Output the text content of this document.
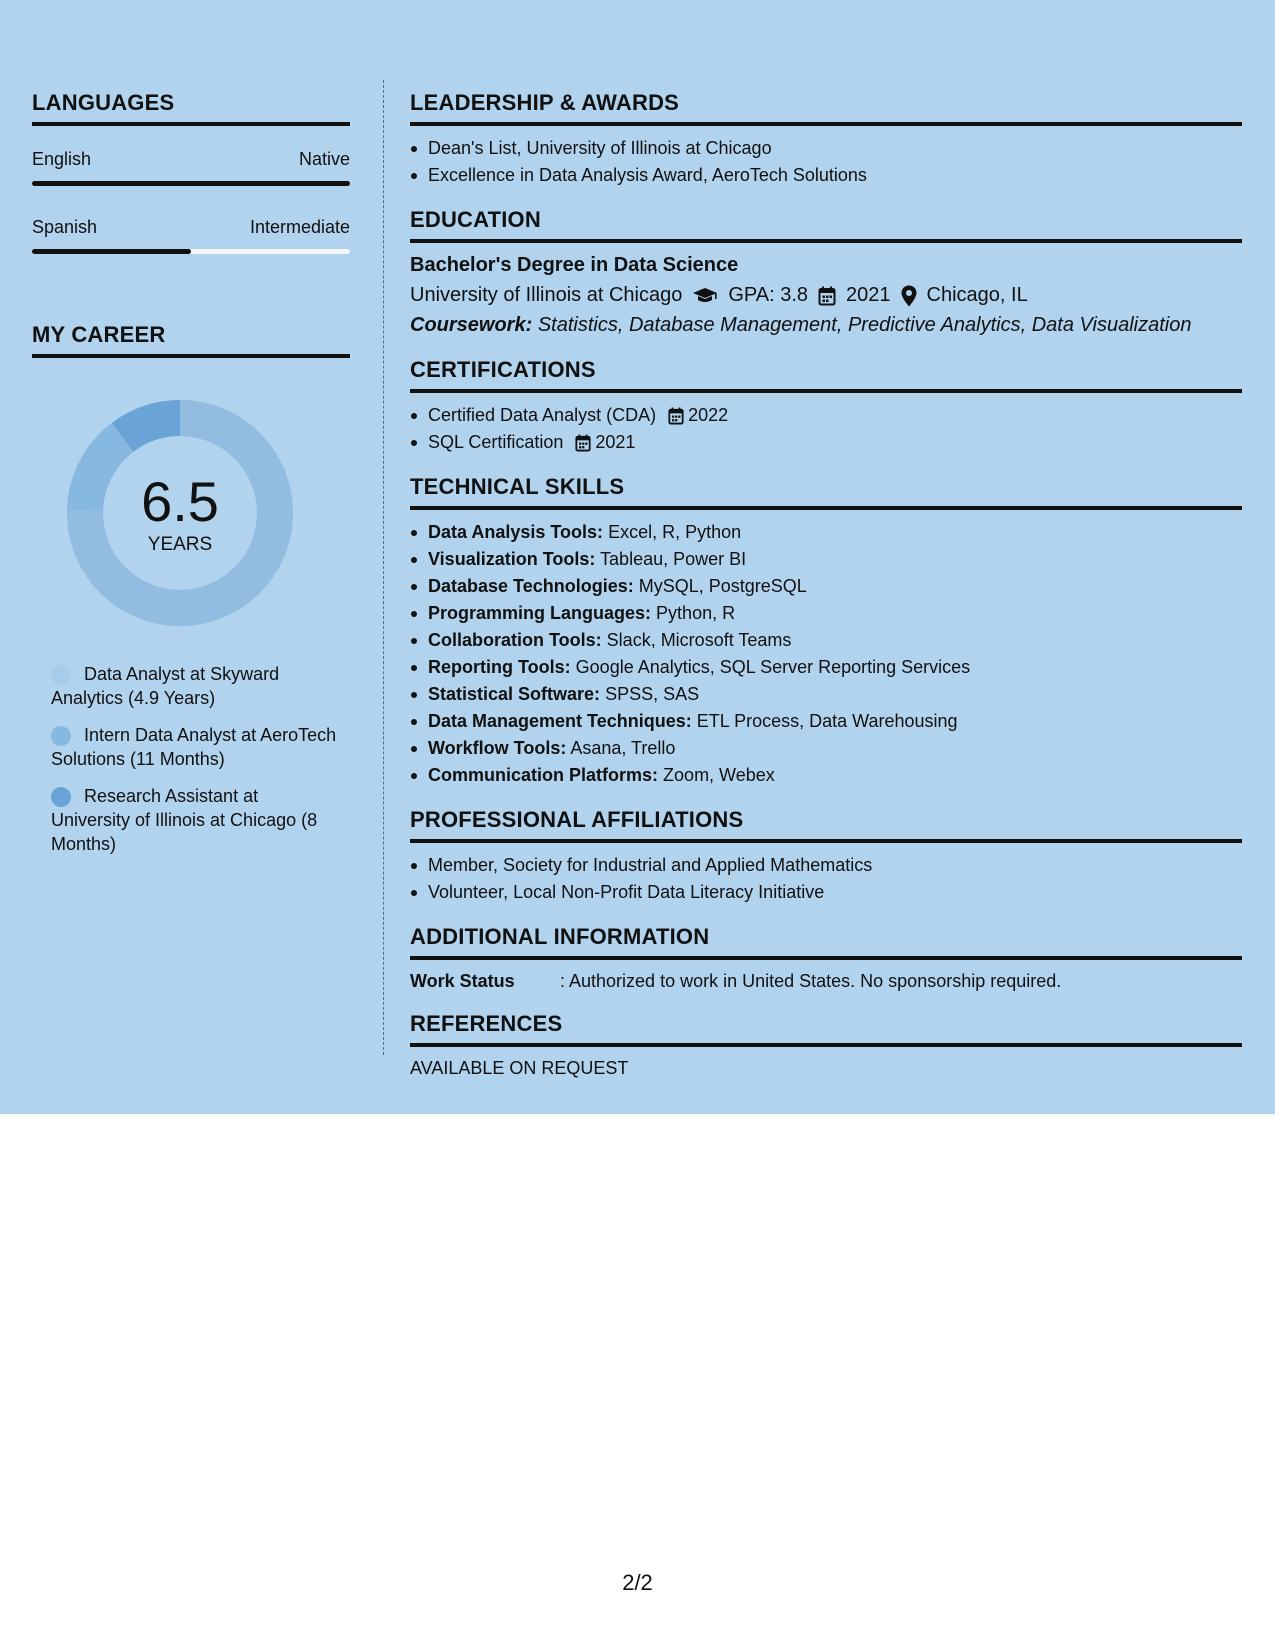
LANGUAGES
English	Native
Spanish	Intermediate
MY CAREER
6.5
YEARS
Data Analyst at Skyward Analytics (4.9 Years)
Intern Data Analyst at AeroTech Solutions (11 Months)
Research Assistant at University of Illinois at Chicago (8 Months)
LEADERSHIP & AWARDS
Dean's List, University of Illinois at Chicago
Excellence in Data Analysis Award, AeroTech Solutions
EDUCATION
Bachelor's Degree in Data Science
University of Illinois at Chicago GPA: 3.8 2021 Chicago, IL
Coursework: Statistics, Database Management, Predictive Analytics, Data Visualization
CERTIFICATIONS
Certified Data Analyst (CDA) 2022
SQL Certification 2021
TECHNICAL SKILLS
Data Analysis Tools: Excel, R, Python
Visualization Tools: Tableau, Power BI
Database Technologies: MySQL, PostgreSQL
Programming Languages: Python, R
Collaboration Tools: Slack, Microsoft Teams
Reporting Tools: Google Analytics, SQL Server Reporting Services
Statistical Software: SPSS, SAS
Data Management Techniques: ETL Process, Data Warehousing
Workflow Tools: Asana, Trello
Communication Platforms: Zoom, Webex
PROFESSIONAL AFFILIATIONS
Member, Society for Industrial and Applied Mathematics
Volunteer, Local Non-Profit Data Literacy Initiative
ADDITIONAL INFORMATION
Work Status	: Authorized to work in United States. No sponsorship required.
REFERENCES
AVAILABLE ON REQUEST
2/2
